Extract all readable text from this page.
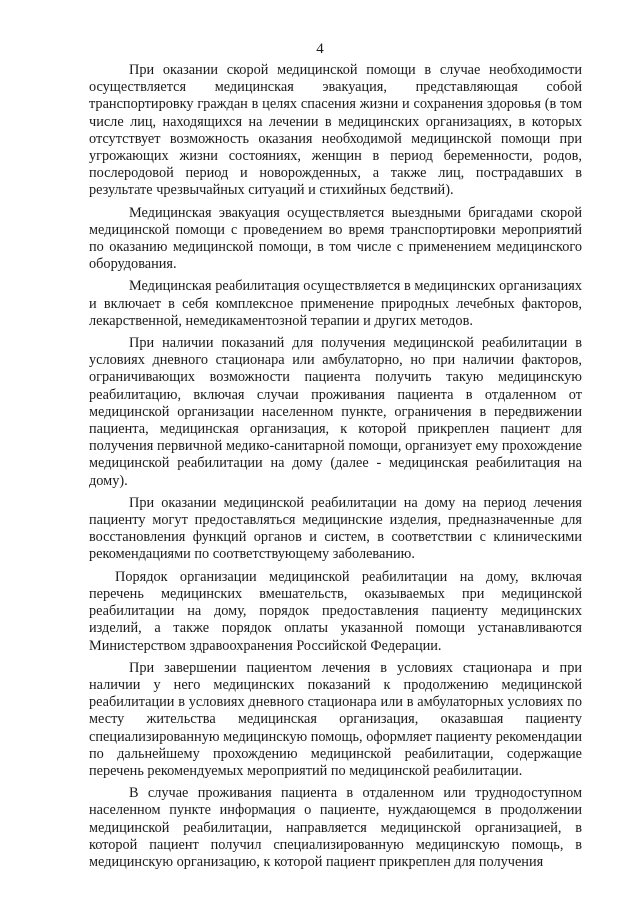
4

При оказании скорой медицинской помощи в случае необходимости осуществляется медицинская эвакуация, представляющая собой транспортировку граждан в целях спасения жизни и сохранения здоровья (в том числе лиц, находящихся на лечении в медицинских организациях, в которых отсутствует возможность оказания необходимой медицинской помощи при угрожающих жизни состояниях, женщин в период беременности, родов, послеродовой период и новорожденных, а также лиц, пострадавших в результате чрезвычайных ситуаций и стихийных бедствий).

Медицинская эвакуация осуществляется выездными бригадами скорой медицинской помощи с проведением во время транспортировки мероприятий по оказанию медицинской помощи, в том числе с применением медицинского оборудования.

Медицинская реабилитация осуществляется в медицинских организациях и включает в себя комплексное применение природных лечебных факторов, лекарственной, немедикаментозной терапии и других методов.

При наличии показаний для получения медицинской реабилитации в условиях дневного стационара или амбулаторно, но при наличии факторов, ограничивающих возможности пациента получить такую медицинскую реабилитацию, включая случаи проживания пациента в отдаленном от медицинской организации населенном пункте, ограничения в передвижении пациента, медицинская организация, к которой прикреплен пациент для получения первичной медико-санитарной помощи, организует ему прохождение медицинской реабилитации на дому (далее - медицинская реабилитация на дому).

При оказании медицинской реабилитации на дому на период лечения пациенту могут предоставляться медицинские изделия, предназначенные для восстановления функций органов и систем, в соответствии с клиническими рекомендациями по соответствующему заболеванию.

Порядок организации медицинской реабилитации на дому, включая перечень медицинских вмешательств, оказываемых при медицинской реабилитации на дому, порядок предоставления пациенту медицинских изделий, а также порядок оплаты указанной помощи устанавливаются Министерством здравоохранения Российской Федерации.

При завершении пациентом лечения в условиях стационара и при наличии у него медицинских показаний к продолжению медицинской реабилитации в условиях дневного стационара или в амбулаторных условиях по месту жительства медицинская организация, оказавшая пациенту специализированную медицинскую помощь, оформляет пациенту рекомендации по дальнейшему прохождению медицинской реабилитации, содержащие перечень рекомендуемых мероприятий по медицинской реабилитации.

В случае проживания пациента в отдаленном или труднодоступном населенном пункте информация о пациенте, нуждающемся в продолжении медицинской реабилитации, направляется медицинской организацией, в которой пациент получил специализированную медицинскую помощь, в медицинскую организацию, к которой пациент прикреплен для получения
